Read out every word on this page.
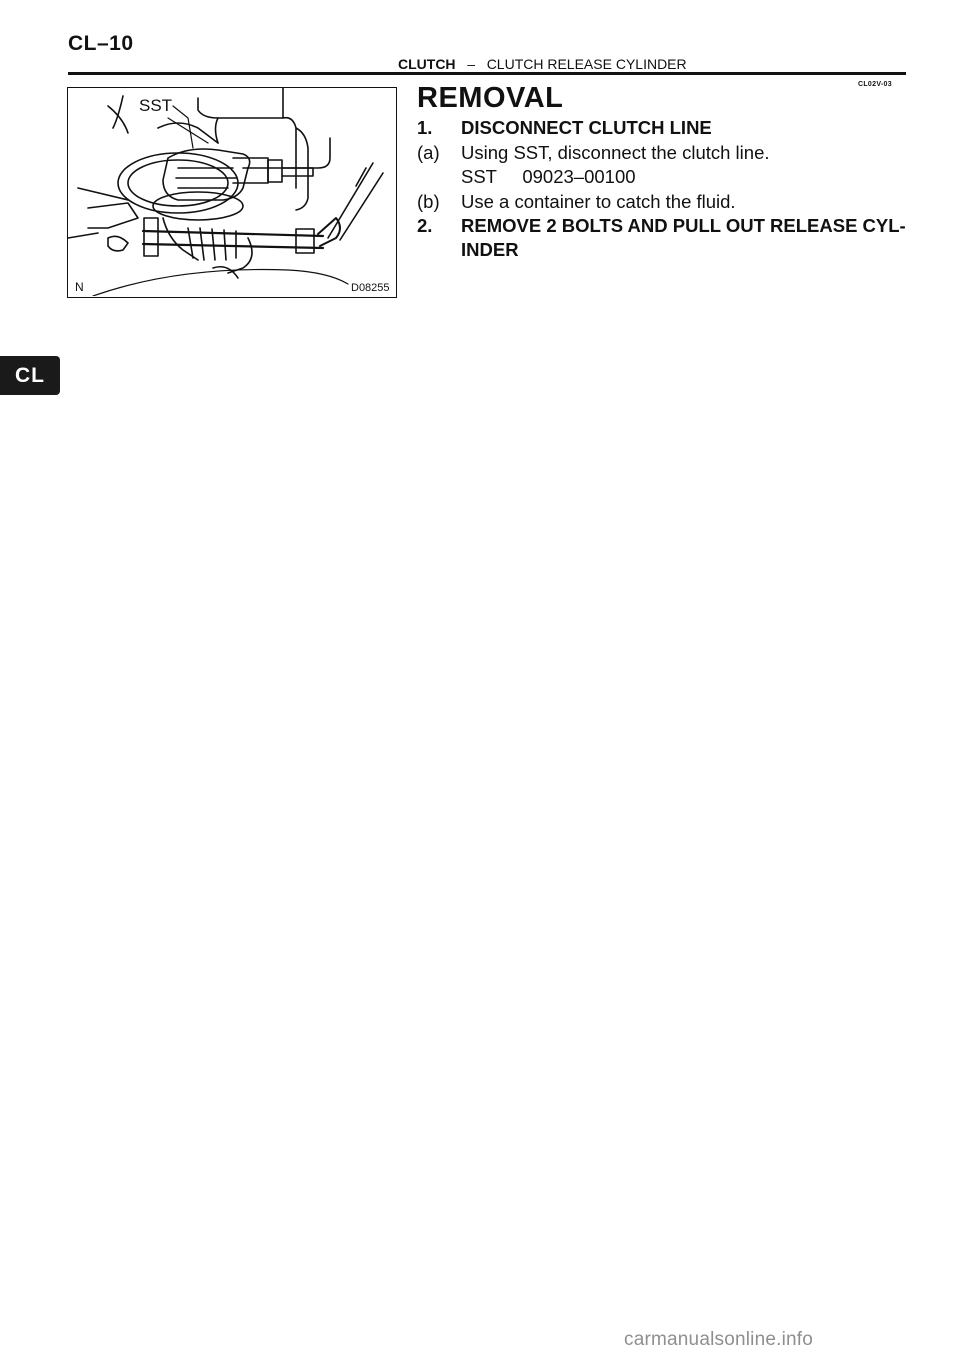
CL–10
CLUTCH – CLUTCH RELEASE CYLINDER
SST
N	D08255
CL02V-03
REMOVAL
1. DISCONNECT CLUTCH LINE
(a) Using SST, disconnect the clutch line.
SST     09023–00100
(b) Use a container to catch the fluid.
2. REMOVE 2 BOLTS AND PULL OUT RELEASE CYL-
INDER
CL
carmanualsonline.info
